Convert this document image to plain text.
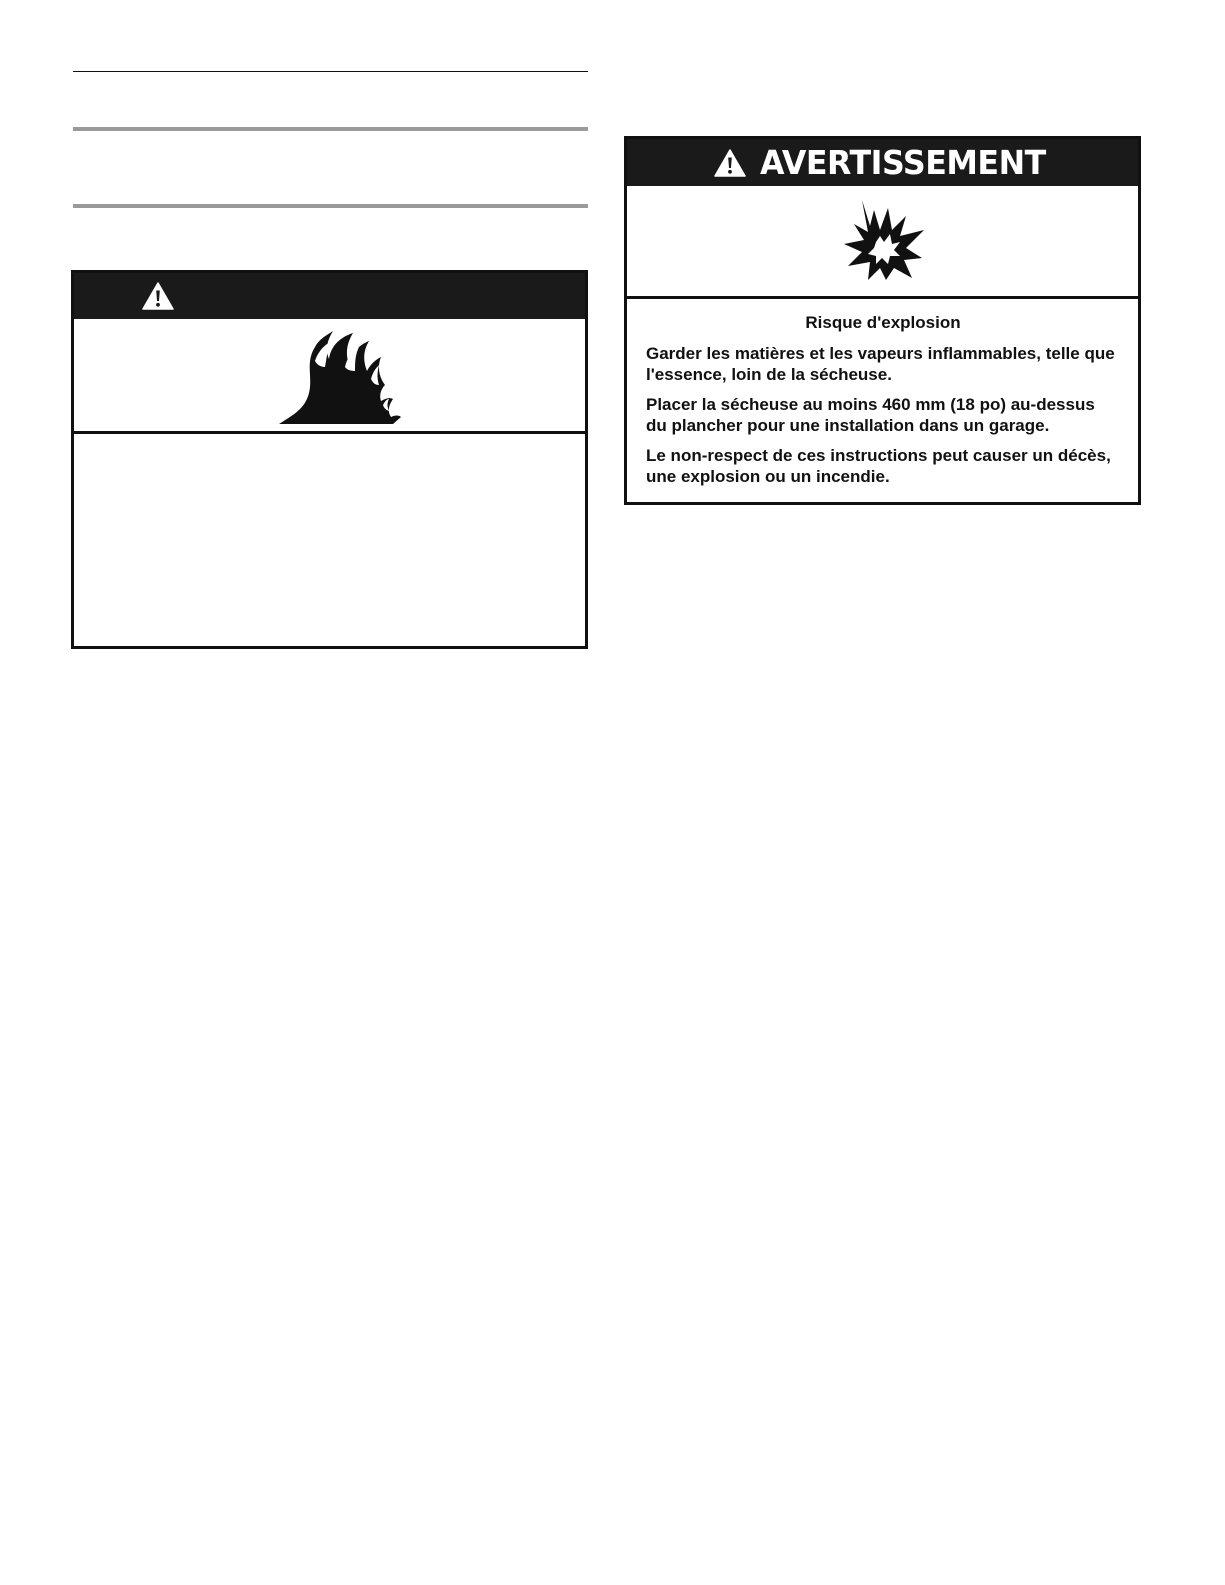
AVERTISSEMENT

Risque d'explosion

Garder les matières et les vapeurs inflammables, telle que l'essence, loin de la sécheuse.

Placer la sécheuse au moins 460 mm (18 po) au-dessus du plancher pour une installation dans un garage.

Le non-respect de ces instructions peut causer un décès, une explosion ou un incendie.
